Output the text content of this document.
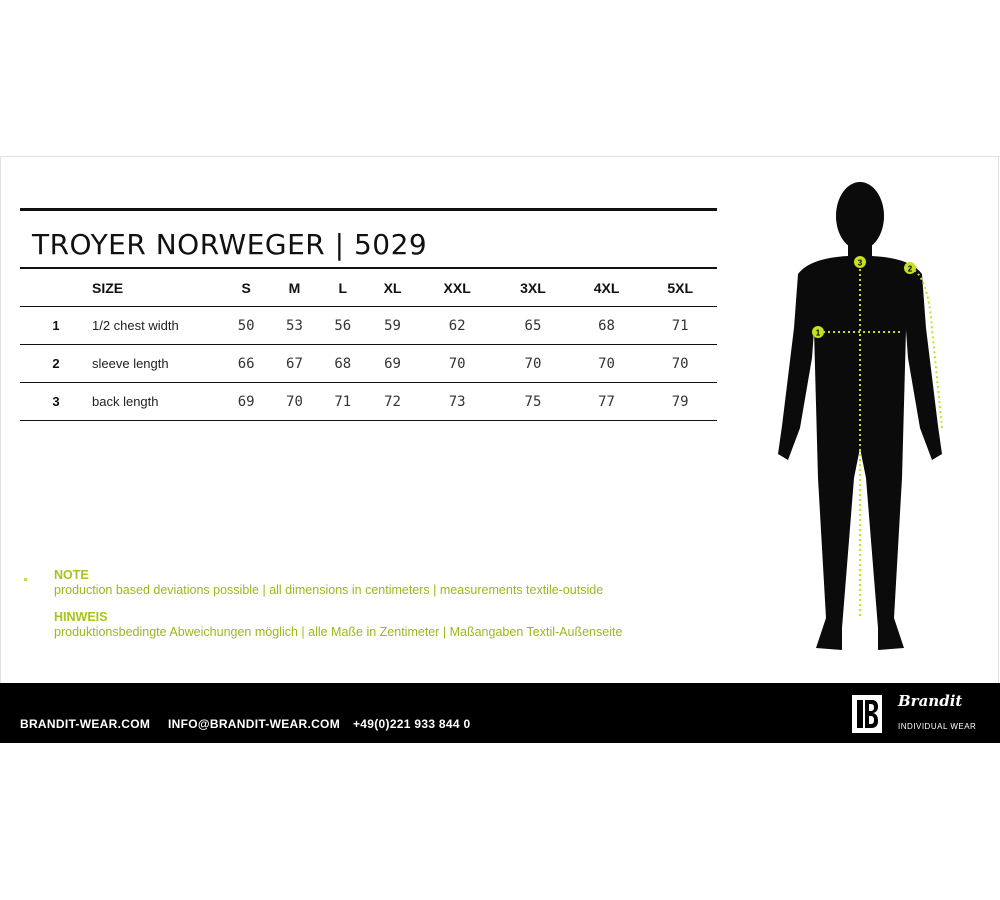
TROYER NORWEGER | 5029
	SIZE	S	M	L	XL	XXL	3XL	4XL	5XL
1	1/2 chest width	50	53	56	59	62	65	68	71
2	sleeve length	66	67	68	69	70	70	70	70
3	back length	69	70	71	72	73	75	77	79
NOTE
production based deviations possible | all dimensions in centimeters | measurements textile-outside
HINWEIS
produktionsbedingte Abweichungen möglich | alle Maße in Zentimeter | Maßangaben Textil-Außenseite
1
2
3
BRANDIT-WEAR.COM INFO@BRANDIT-WEAR.COM +49(0)221 933 844 0
Brandit
INDIVIDUAL WEAR
